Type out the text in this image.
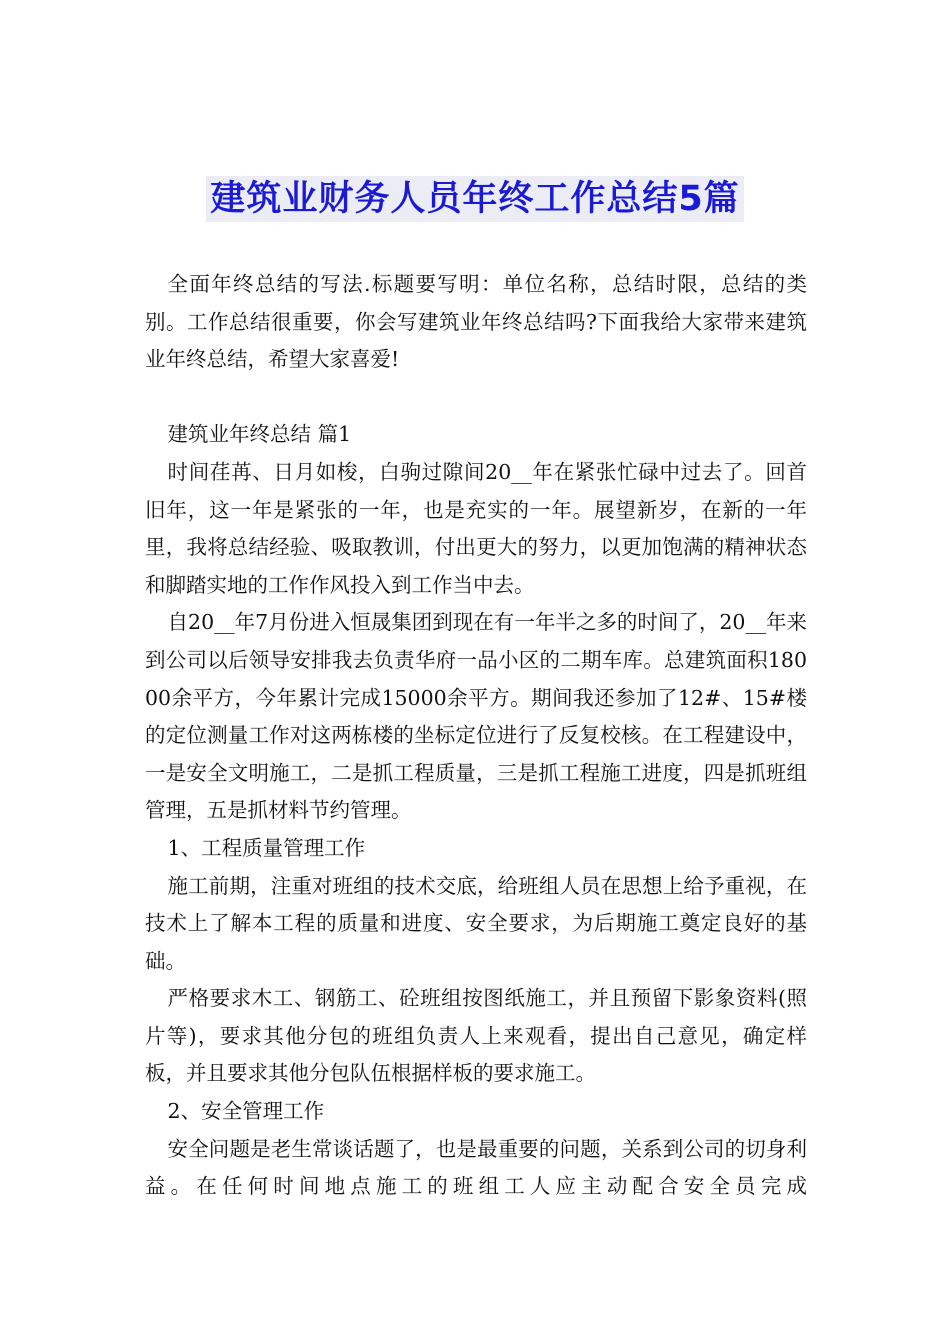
建筑业财务人员年终工作总结5篇

全面年终总结的写法.标题要写明：单位名称，总结时限，总结的类别。工作总结很重要，你会写建筑业年终总结吗?下面我给大家带来建筑业年终总结，希望大家喜爱!

建筑业年终总结 篇1

时间荏苒、日月如梭，白驹过隙间20__年在紧张忙碌中过去了。回首旧年，这一年是紧张的一年，也是充实的一年。展望新岁，在新的一年里，我将总结经验、吸取教训，付出更大的努力，以更加饱满的精神状态和脚踏实地的工作作风投入到工作当中去。

自20__年7月份进入恒晟集团到现在有一年半之多的时间了，20__年来到公司以后领导安排我去负责华府一品小区的二期车库。总建筑面积18000余平方，今年累计完成15000余平方。期间我还参加了12#、15#楼的定位测量工作对这两栋楼的坐标定位进行了反复校核。在工程建设中，一是安全文明施工，二是抓工程质量，三是抓工程施工进度，四是抓班组管理，五是抓材料节约管理。

1、工程质量管理工作

施工前期，注重对班组的技术交底，给班组人员在思想上给予重视，在技术上了解本工程的质量和进度、安全要求，为后期施工奠定良好的基础。

严格要求木工、钢筋工、砼班组按图纸施工，并且预留下影象资料(照片等)，要求其他分包的班组负责人上来观看，提出自己意见，确定样板，并且要求其他分包队伍根据样板的要求施工。

2、安全管理工作

安全问题是老生常谈话题了，也是最重要的问题，关系到公司的切身利益。在任何时间地点施工的班组工人应主动配合安全员完成
